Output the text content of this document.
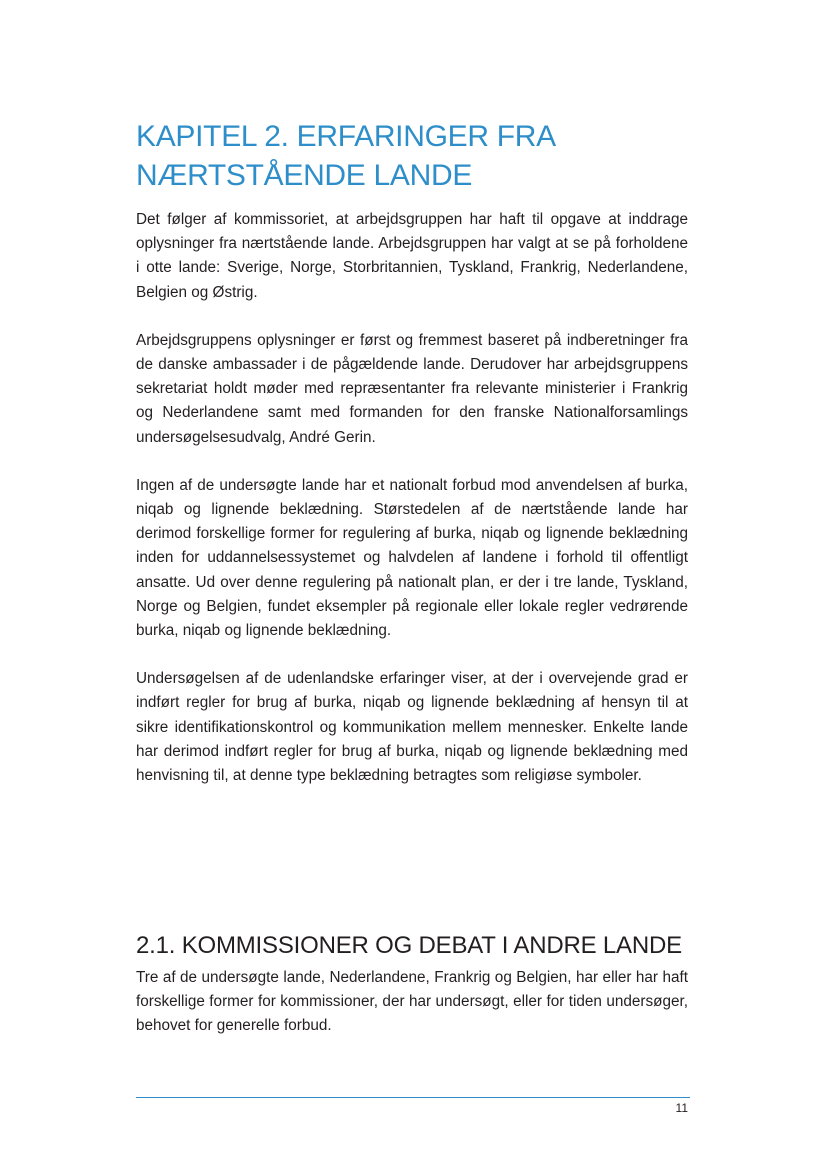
KAPITEL 2. ERFARINGER FRA
NÆRTSTÅENDE LANDE

Det følger af kommissoriet, at arbejdsgruppen har haft til opgave at inddrage oplysninger fra nærtstående lande. Arbejdsgruppen har valgt at se på forholdene i otte lande: Sverige, Norge, Storbritannien, Tyskland, Frankrig, Nederlandene, Belgien og Østrig.

Arbejdsgruppens oplysninger er først og fremmest baseret på indberetninger fra de danske ambassader i de pågældende lande. Derudover har arbejdsgruppens sekretariat holdt møder med repræsentanter fra relevante ministerier i Frankrig og Nederlandene samt med formanden for den franske Nationalforsamlings undersøgelsesudvalg, André Gerin.

Ingen af de undersøgte lande har et nationalt forbud mod anvendelsen af burka, niqab og lignende beklædning. Størstedelen af de nærtstående lande har derimod forskellige former for regulering af burka, niqab og lignende beklædning inden for uddannelsessystemet og halvdelen af landene i forhold til offentligt ansatte. Ud over denne regulering på nationalt plan, er der i tre lande, Tyskland, Norge og Belgien, fundet eksempler på regionale eller lokale regler vedrørende burka, niqab og lignende beklædning.

Undersøgelsen af de udenlandske erfaringer viser, at der i overvejende grad er indført regler for brug af burka, niqab og lignende beklædning af hensyn til at sikre identifikationskontrol og kommunikation mellem mennesker. Enkelte lande har derimod indført regler for brug af burka, niqab og lignende beklædning med henvisning til, at denne type beklædning betragtes som religiøse symboler.

2.1. KOMMISSIONER OG DEBAT I ANDRE LANDE

Tre af de undersøgte lande, Nederlandene, Frankrig og Belgien, har eller har haft forskellige former for kommissioner, der har undersøgt, eller for tiden undersøger, behovet for generelle forbud.

11
